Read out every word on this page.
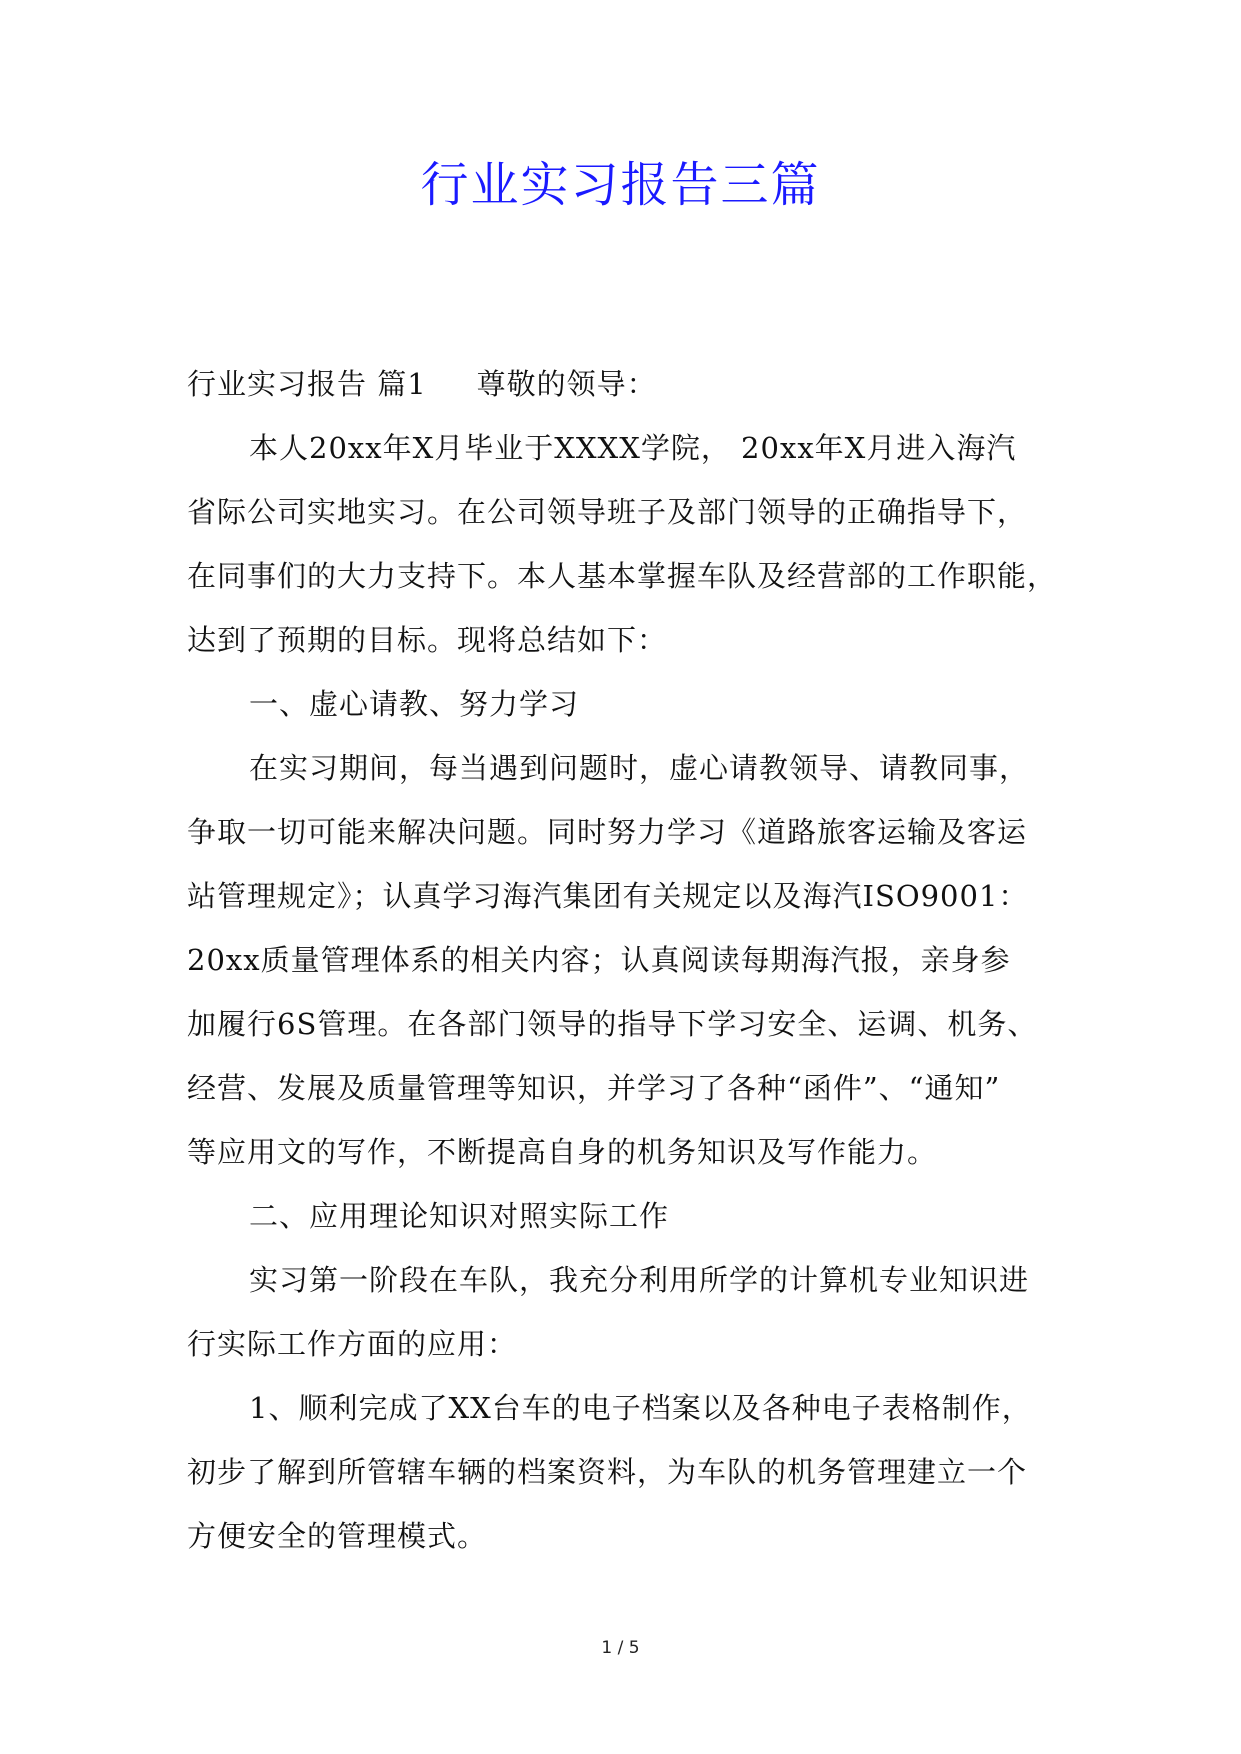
行业实习报告三篇
行业实习报告 篇1 尊敬的领导：
本人20xx年X月毕业于XXXX学院， 20xx年X月进入海汽
省际公司实地实习。在公司领导班子及部门领导的正确指导下，
在同事们的大力支持下。本人基本掌握车队及经营部的工作职能，
达到了预期的目标。现将总结如下：
一、虚心请教、努力学习
在实习期间，每当遇到问题时，虚心请教领导、请教同事，
争取一切可能来解决问题。同时努力学习《道路旅客运输及客运
站管理规定》；认真学习海汽集团有关规定以及海汽ISO9001：
20xx质量管理体系的相关内容；认真阅读每期海汽报，亲身参
加履行6S管理。在各部门领导的指导下学习安全、运调、机务、
经营、发展及质量管理等知识，并学习了各种“函件”、“通知”
等应用文的写作，不断提高自身的机务知识及写作能力。
二、应用理论知识对照实际工作
实习第一阶段在车队，我充分利用所学的计算机专业知识进
行实际工作方面的应用：
1、顺利完成了XX台车的电子档案以及各种电子表格制作，
初步了解到所管辖车辆的档案资料，为车队的机务管理建立一个
方便安全的管理模式。
1 / 5
